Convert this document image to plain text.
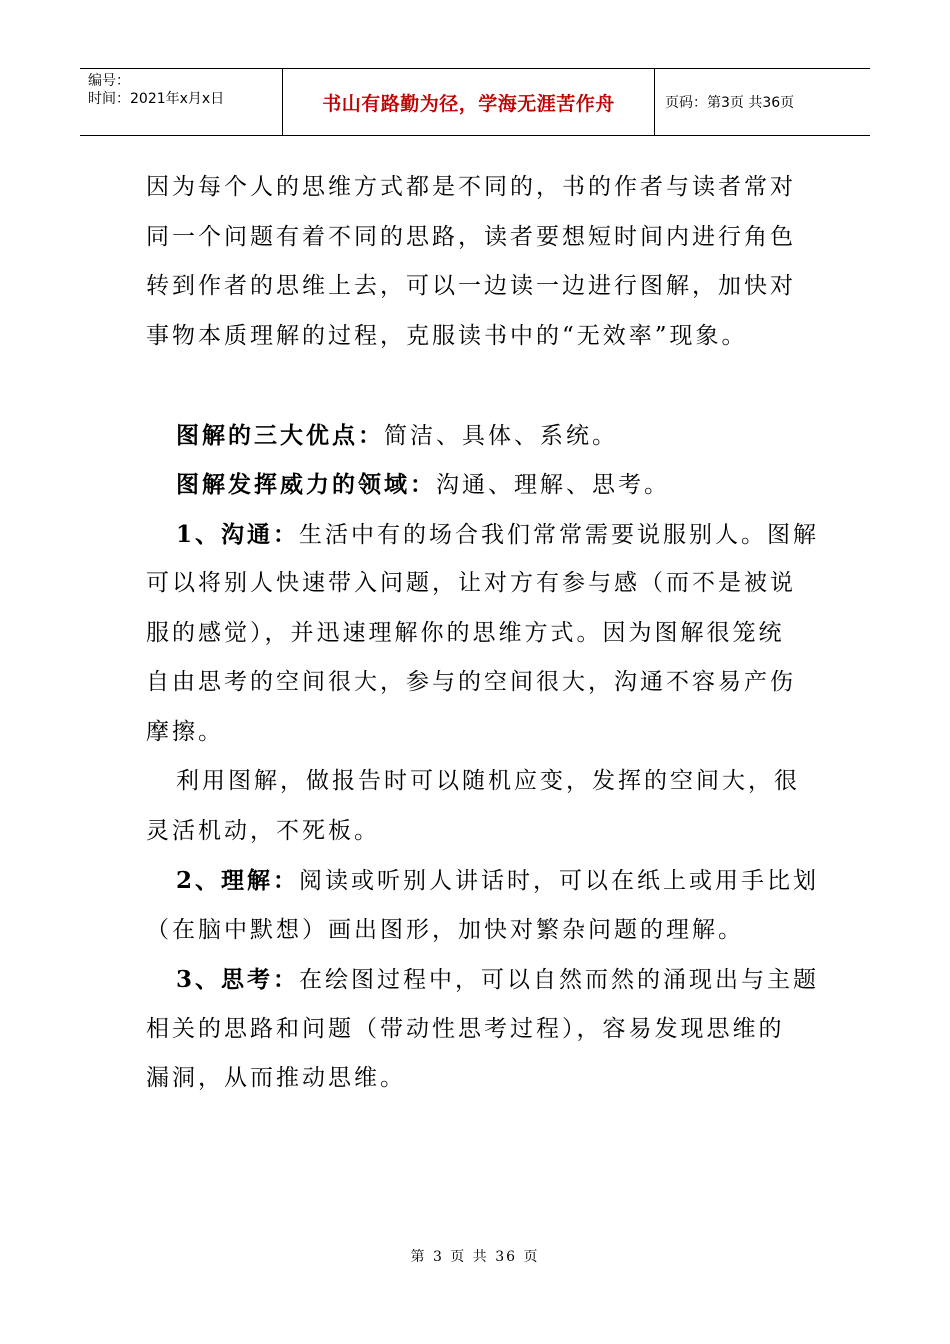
编号：
时间：2021年x月x日	书山有路勤为径，学海无涯苦作舟	页码：第3页 共36页
因为每个人的思维方式都是不同的，书的作者与读者常对
同一个问题有着不同的思路，读者要想短时间内进行角色
转到作者的思维上去，可以一边读一边进行图解，加快对
事物本质理解的过程，克服读书中的“无效率”现象。
图解的三大优点：简洁、具体、系统。
图解发挥威力的领域：沟通、理解、思考。
1、沟通：生活中有的场合我们常常需要说服别人。图解
可以将别人快速带入问题，让对方有参与感（而不是被说
服的感觉），并迅速理解你的思维方式。因为图解很笼统
自由思考的空间很大，参与的空间很大，沟通不容易产伤
摩擦。
利用图解，做报告时可以随机应变，发挥的空间大，很
灵活机动，不死板。
2、理解：阅读或听别人讲话时，可以在纸上或用手比划
（在脑中默想）画出图形，加快对繁杂问题的理解。
3、思考：在绘图过程中，可以自然而然的涌现出与主题
相关的思路和问题（带动性思考过程），容易发现思维的
漏洞，从而推动思维。
第 3 页 共 36 页
